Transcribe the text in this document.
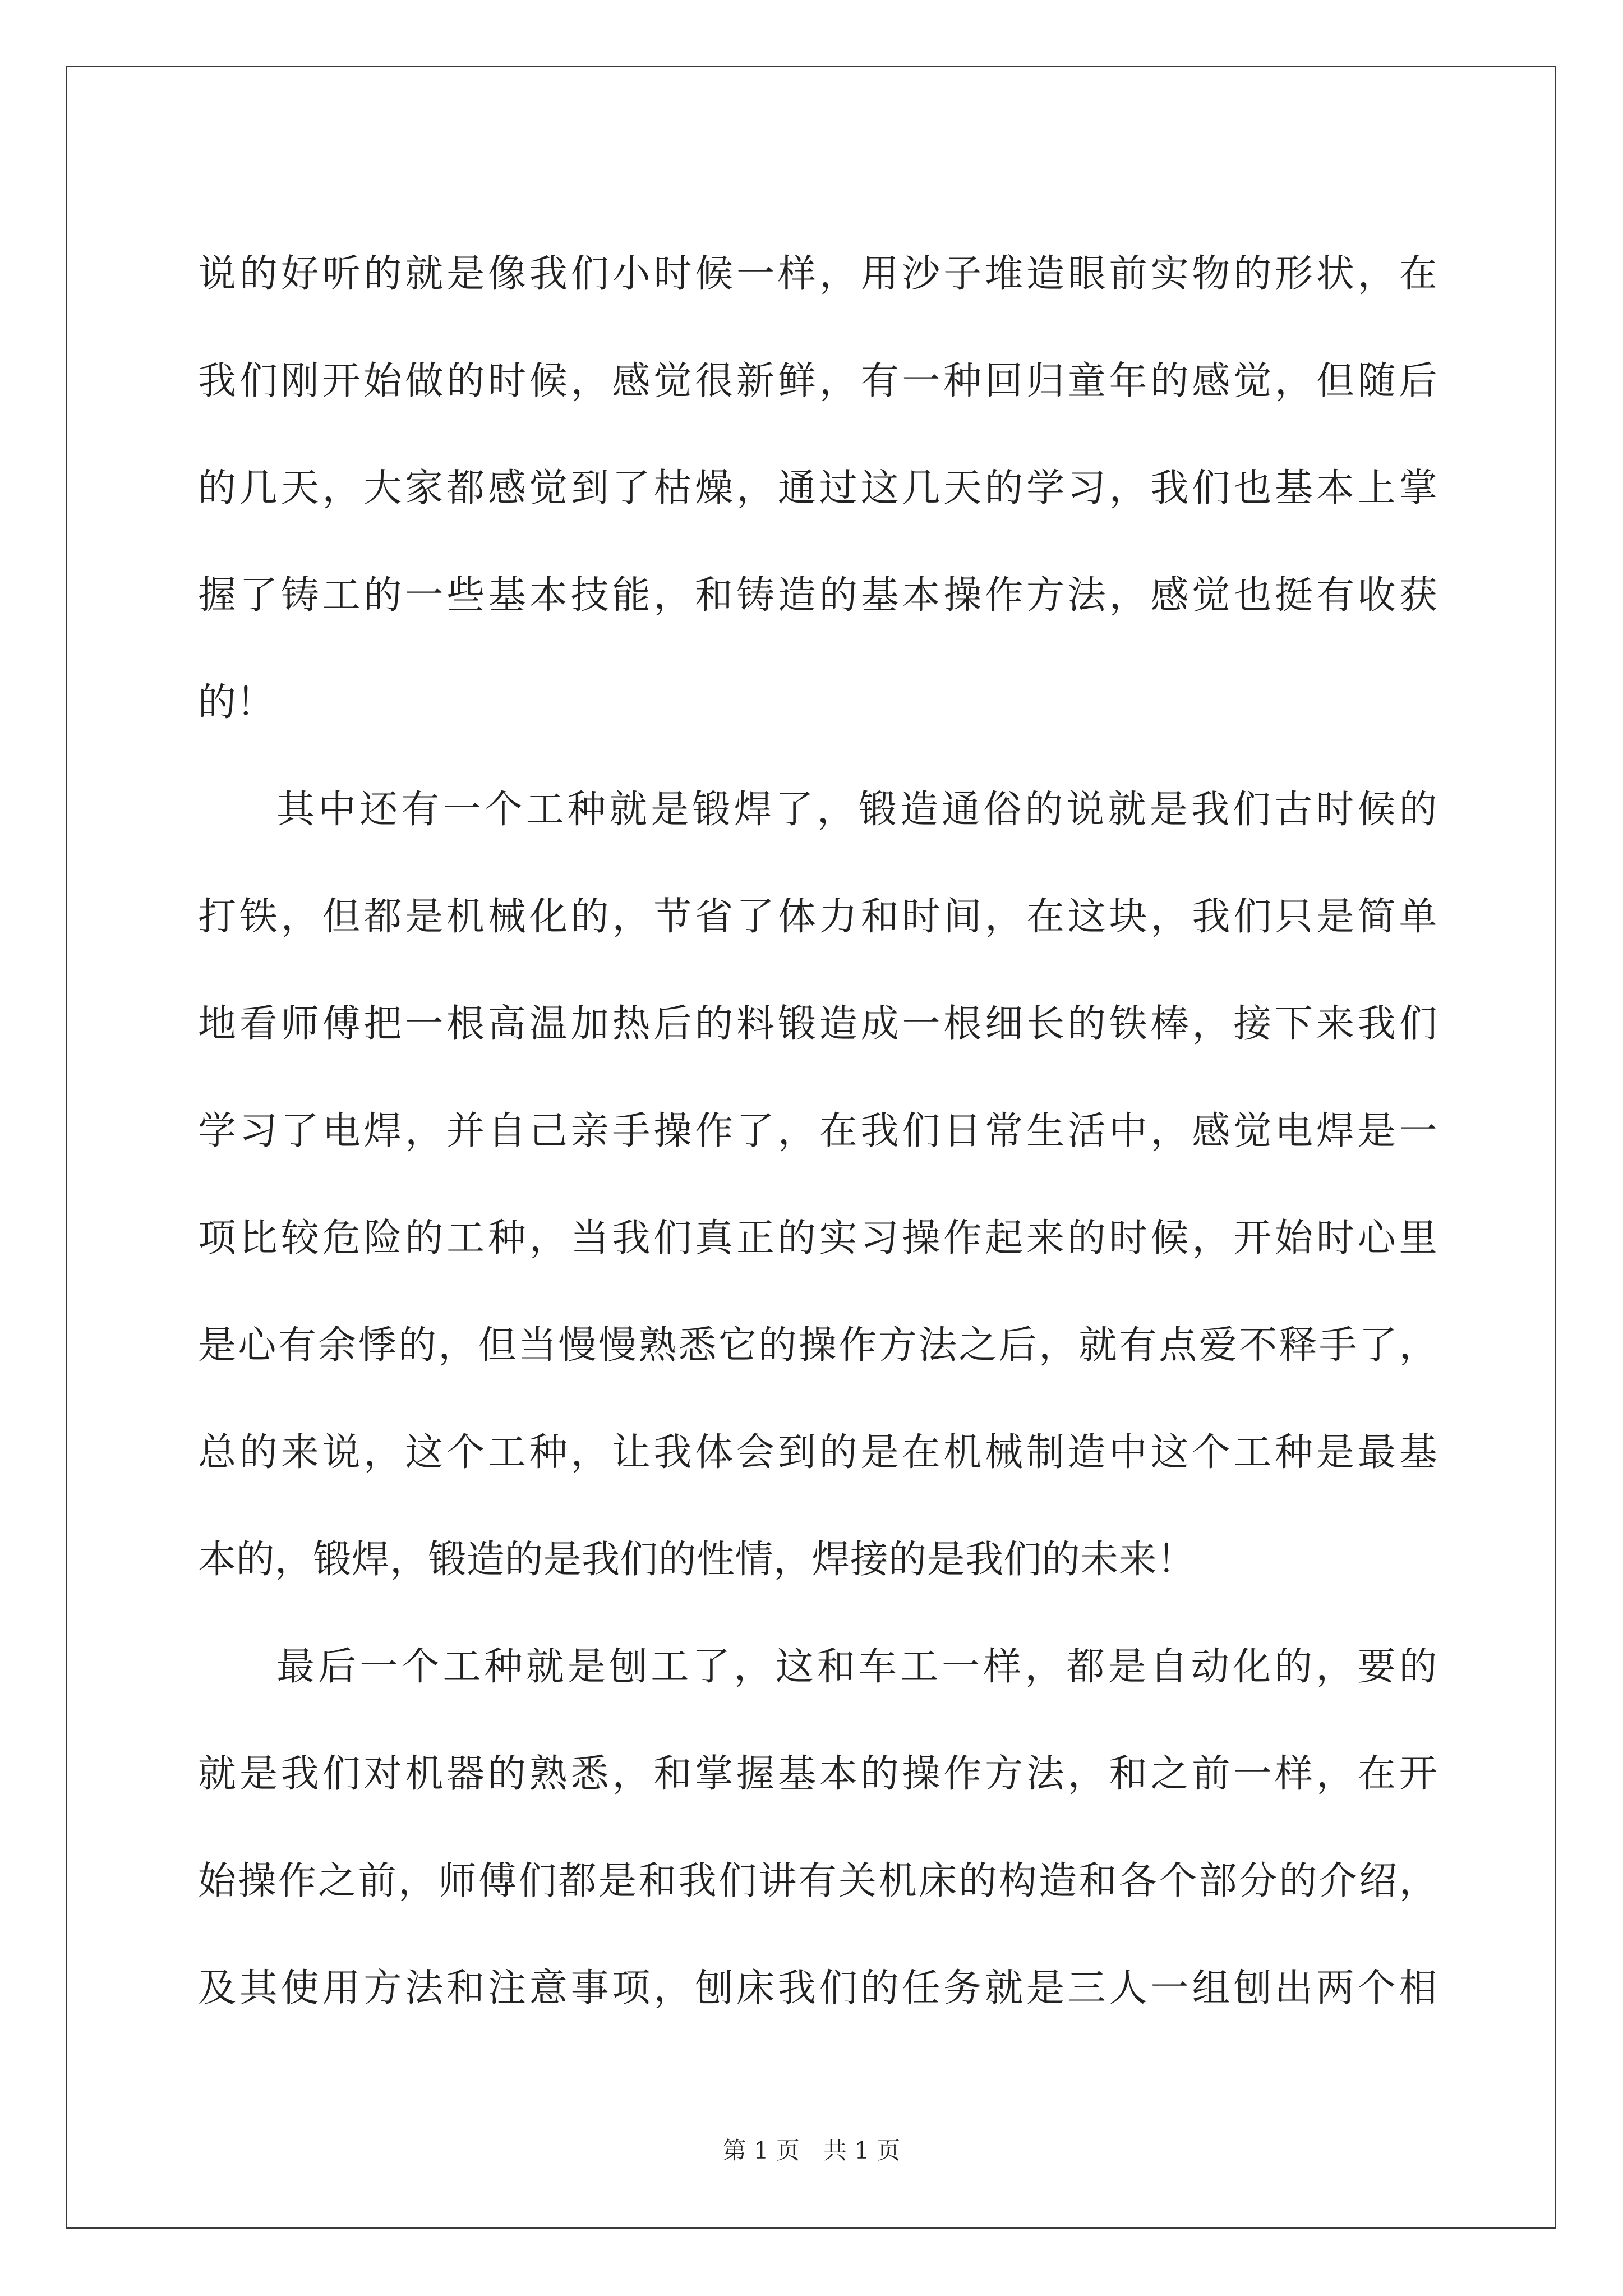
说的好听的就是像我们小时候一样，用沙子堆造眼前实物的形状，在
我们刚开始做的时候，感觉很新鲜，有一种回归童年的感觉，但随后
的几天，大家都感觉到了枯燥，通过这几天的学习，我们也基本上掌
握了铸工的一些基本技能，和铸造的基本操作方法，感觉也挺有收获
的！
其中还有一个工种就是锻焊了，锻造通俗的说就是我们古时候的
打铁，但都是机械化的，节省了体力和时间，在这块，我们只是简单
地看师傅把一根高温加热后的料锻造成一根细长的铁棒，接下来我们
学习了电焊，并自己亲手操作了，在我们日常生活中，感觉电焊是一
项比较危险的工种，当我们真正的实习操作起来的时候，开始时心里
是心有余悸的，但当慢慢熟悉它的操作方法之后，就有点爱不释手了，
总的来说，这个工种，让我体会到的是在机械制造中这个工种是最基
本的，锻焊，锻造的是我们的性情，焊接的是我们的未来！
最后一个工种就是刨工了，这和车工一样，都是自动化的，要的
就是我们对机器的熟悉，和掌握基本的操作方法，和之前一样，在开
始操作之前，师傅们都是和我们讲有关机床的构造和各个部分的介绍，
及其使用方法和注意事项，刨床我们的任务就是三人一组刨出两个相
第 1 页　共 1 页
